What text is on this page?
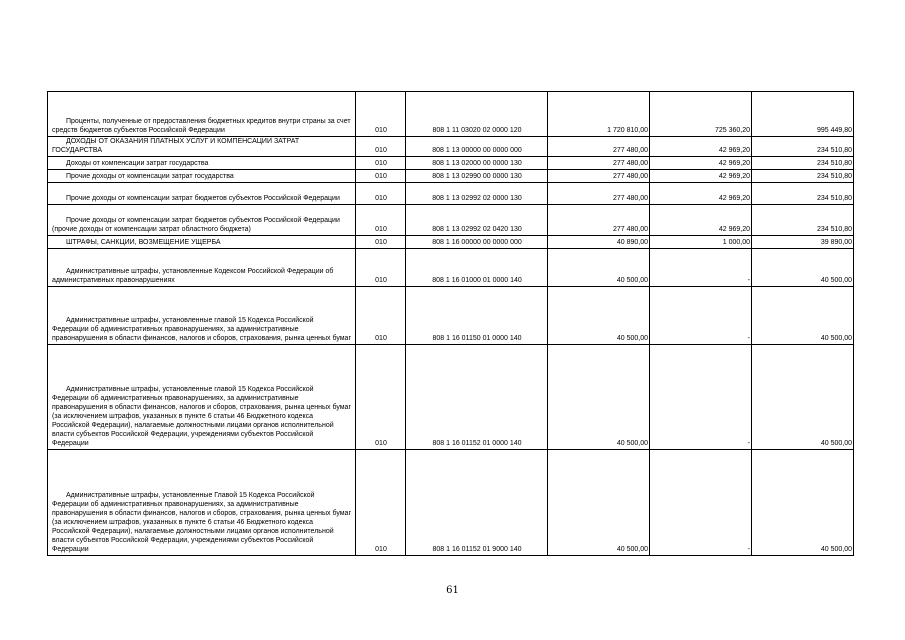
Проценты, полученные от предоставления бюджетных кредитов внутри страны за счет средств бюджетов субъектов Российской Федерации	010	808 1 11 03020 02 0000 120	1 720 810,00	725 360,20	995 449,80

ДОХОДЫ ОТ ОКАЗАНИЯ ПЛАТНЫХ УСЛУГ И КОМПЕНСАЦИИ ЗАТРАТ ГОСУДАРСТВА	010	808 1 13 00000 00 0000 000	277 480,00	42 969,20	234 510,80

Доходы от компенсации затрат государства	010	808 1 13 02000 00 0000 130	277 480,00	42 969,20	234 510,80

Прочие доходы от компенсации затрат государства	010	808 1 13 02990 00 0000 130	277 480,00	42 969,20	234 510,80

Прочие доходы от компенсации затрат бюджетов субъектов Российской Федерации	010	808 1 13 02992 02 0000 130	277 480,00	42 969,20	234 510,80

Прочие доходы от компенсации затрат бюджетов субъектов Российской Федерации (прочие доходы от компенсации затрат областного бюджета)	010	808 1 13 02992 02 0420 130	277 480,00	42 969,20	234 510,80

ШТРАФЫ, САНКЦИИ, ВОЗМЕЩЕНИЕ УЩЕРБА	010	808 1 16 00000 00 0000 000	40 890,00	1 000,00	39 890,00

Административные штрафы, установленные Кодексом Российской Федерации об административных правонарушениях	010	808 1 16 01000 01 0000 140	40 500,00	-	40 500,00

Административные штрафы, установленные главой 15 Кодекса Российской Федерации об административных правонарушениях, за административные правонарушения в области финансов, налогов и сборов, страхования, рынка ценных бумаг	010	808 1 16 01150 01 0000 140	40 500,00	-	40 500,00

Административные штрафы, установленные главой 15 Кодекса Российской Федерации об административных правонарушениях, за административные правонарушения в области финансов, налогов и сборов, страхования, рынка ценных бумаг (за исключением штрафов, указанных в пункте 6 статьи 46 Бюджетного кодекса Российской Федерации), налагаемые должностными лицами органов исполнительной власти субъектов Российской Федерации, учреждениями субъектов Российской Федерации	010	808 1 16 01152 01 0000 140	40 500,00	-	40 500,00

Административные штрафы, установленные Главой 15 Кодекса Российской Федерации об административных правонарушениях, за административные правонарушения в области финансов, налогов и сборов, страхования, рынка ценных бумаг (за исключением штрафов, указанных в пункте 6 статьи 46 Бюджетного кодекса Российской Федерации), налагаемые должностными лицами органов исполнительной власти субъектов Российской Федерации, учреждениями субъектов Российской Федерации	010	808 1 16 01152 01 9000 140	40 500,00	-	40 500,00
61
